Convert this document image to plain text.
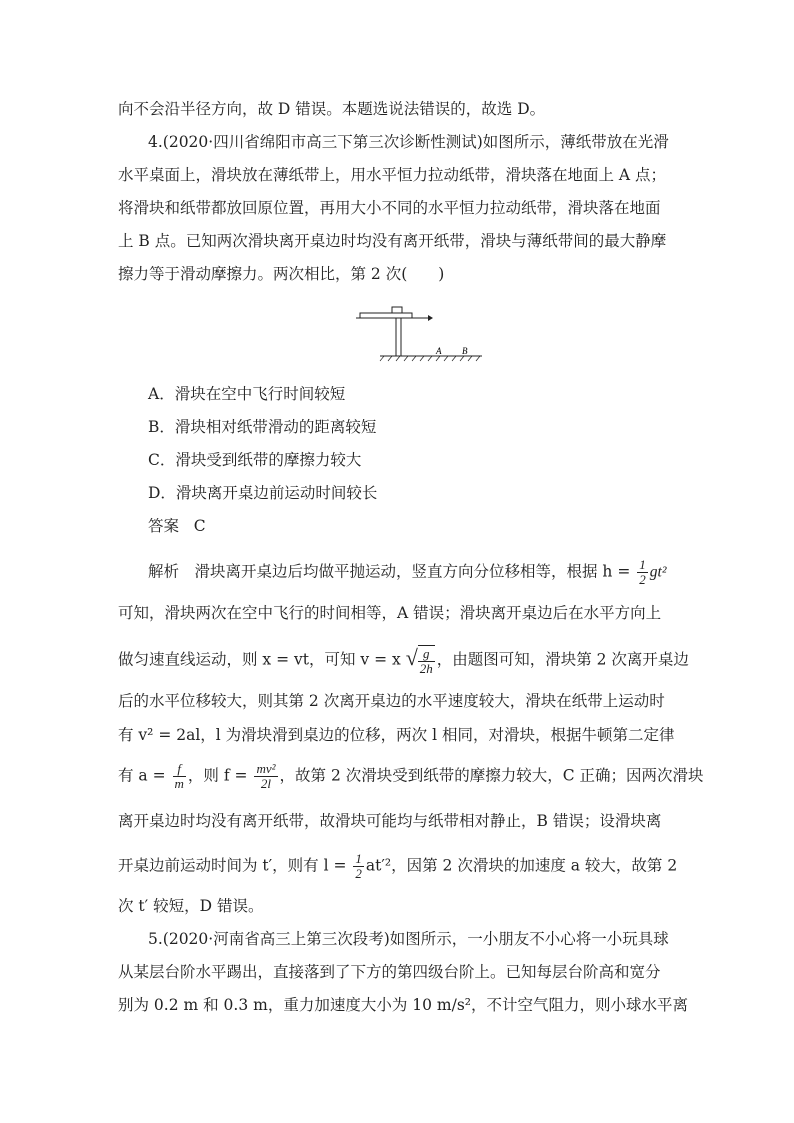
向不会沿半径方向，故 D 错误。本题选说法错误的，故选 D。
4.(2020·四川省绵阳市高三下第三次诊断性测试)如图所示，薄纸带放在光滑
水平桌面上，滑块放在薄纸带上，用水平恒力拉动纸带，滑块落在地面上 A 点；
将滑块和纸带都放回原位置，再用大小不同的水平恒力拉动纸带，滑块落在地面
上 B 点。已知两次滑块离开桌边时均没有离开纸带，滑块与薄纸带间的最大静摩
擦力等于滑动摩擦力。两次相比，第 2 次(　　)
A B
A．滑块在空中飞行时间较短
B．滑块相对纸带滑动的距离较短
C．滑块受到纸带的摩擦力较大
D．滑块离开桌边前运动时间较长
答案 C
解析　滑块离开桌边后均做平抛运动，竖直方向分位移相等，根据 $h = \frac{1}{2} gt^2$
可知，滑块两次在空中飞行的时间相等，A 错误；滑块离开桌边后在水平方向上
做匀速直线运动，则 x = vt，可知 v = x
√ $\frac{g}{2h}$ ，由题图可知，滑块第 2 次离开桌边
后的水平位移较大，则其第 2 次离开桌边的水平速度较大，滑块在纸带上运动时
有 v² = 2al，l 为滑块滑到桌边的位移，两次 l 相同，对滑块，根据牛顿第二定律
有 $a = \frac{f}{m}$ ，则 $f = \frac{\text{mv²}}{2l}$ ，故第 2 次滑块受到纸带的摩擦力较大，C 正确；因两次滑块
离开桌边时均没有离开纸带，故滑块可能均与纸带相对静止，B 错误；设滑块离
开桌边前运动时间为 t′，则有 $l = \frac{1}{2} at'^2$，因第 2 次滑块的加速度 a 较大，故第 2
次 t′ 较短，D 错误。
5.(2020·河南省高三上第三次段考)如图所示，一小朋友不小心将一小玩具球
从某层台阶水平踢出，直接落到了下方的第四级台阶上。已知每层台阶高和宽分
别为 0.2 m 和 0.3 m，重力加速度大小为 10 m/s²，不计空气阻力，则小球水平离
